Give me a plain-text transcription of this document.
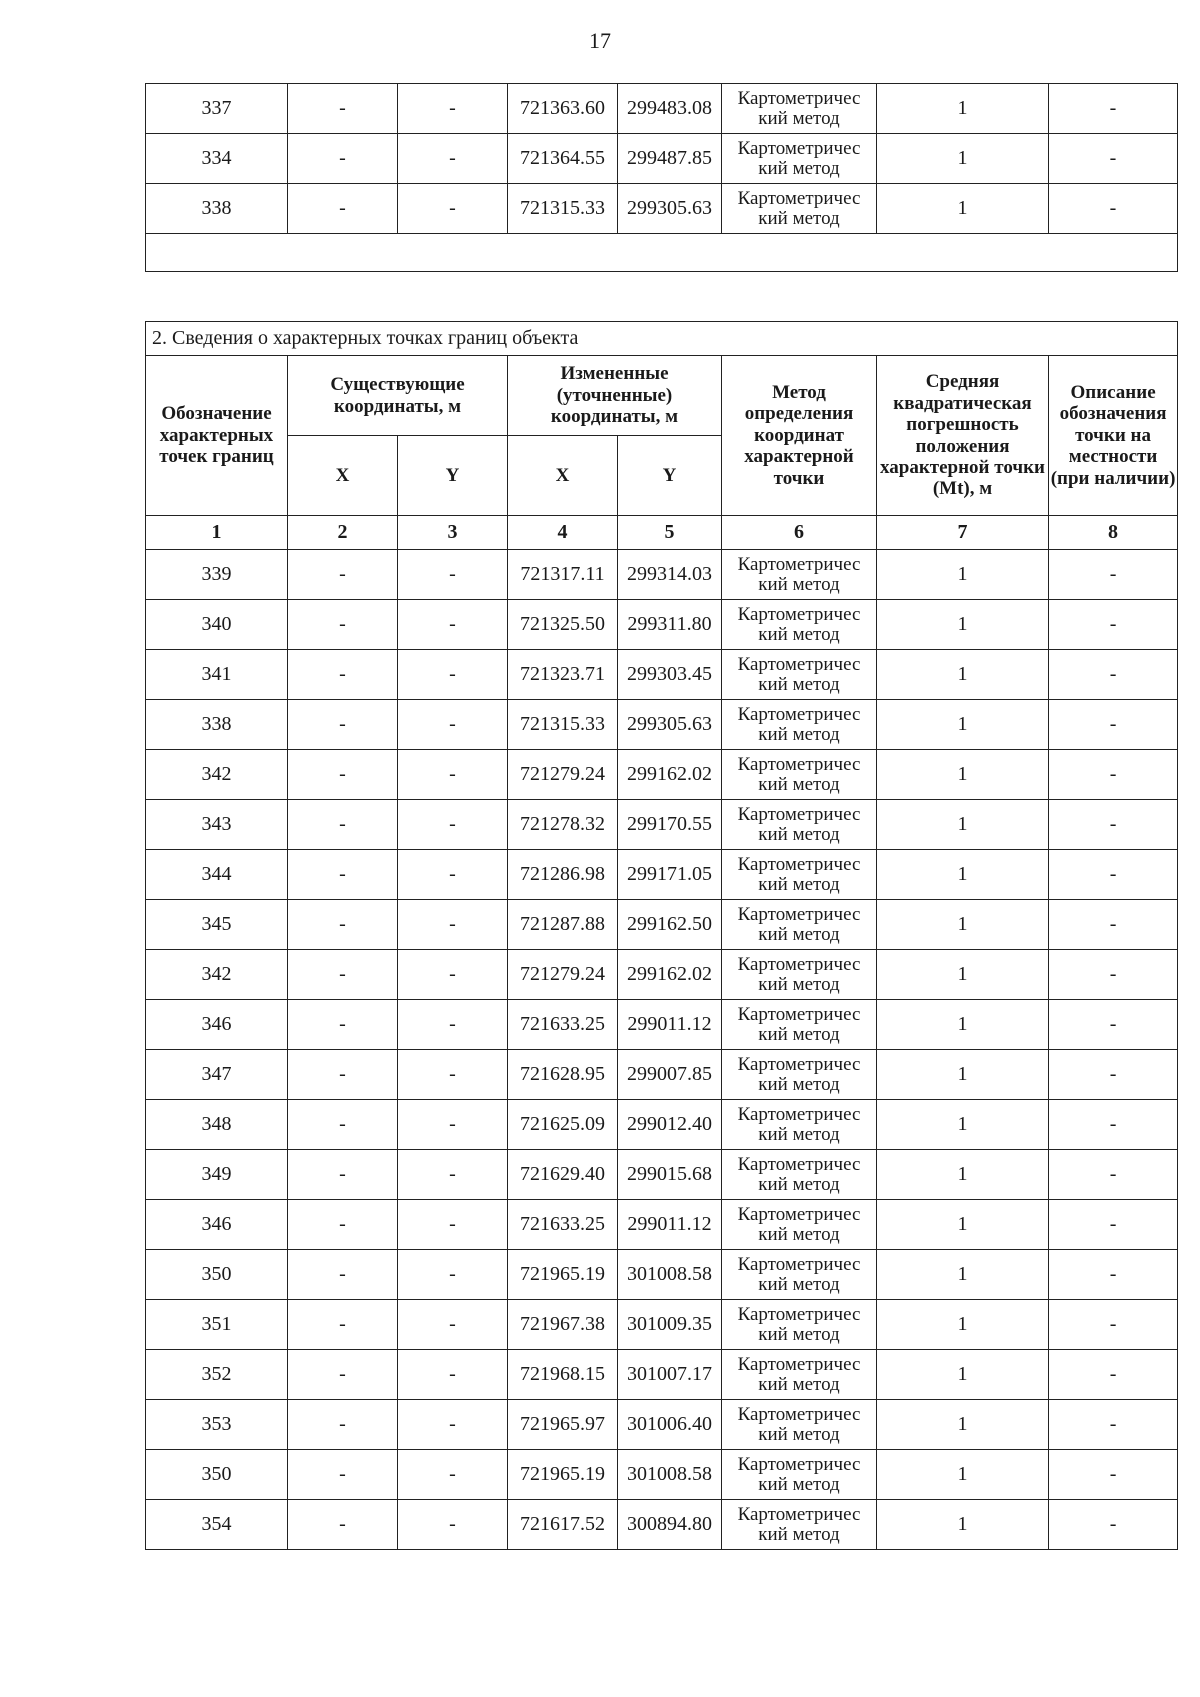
17
337	-	-	721363.60	299483.08	Картометричес
кий метод	1	-
334	-	-	721364.55	299487.85	Картометричес
кий метод	1	-
338	-	-	721315.33	299305.63	Картометричес
кий метод	1	-

2. Сведения о характерных точках границ объекта							
Обозначение характерных точек границ	Существующие координаты, м		Измененные (уточненные) координаты, м		Метод определения координат характерной точки	Средняя квадратическая погрешность положения характерной точки (Mt), м	Описание обозначения точки на местности (при наличии)
	X	Y	X	Y			
1	2	3	4	5	6	7	8
339	-	-	721317.11	299314.03	Картометричес
кий метод	1	-
340	-	-	721325.50	299311.80	Картометричес
кий метод	1	-
341	-	-	721323.71	299303.45	Картометричес
кий метод	1	-
338	-	-	721315.33	299305.63	Картометричес
кий метод	1	-
342	-	-	721279.24	299162.02	Картометричес
кий метод	1	-
343	-	-	721278.32	299170.55	Картометричес
кий метод	1	-
344	-	-	721286.98	299171.05	Картометричес
кий метод	1	-
345	-	-	721287.88	299162.50	Картометричес
кий метод	1	-
342	-	-	721279.24	299162.02	Картометричес
кий метод	1	-
346	-	-	721633.25	299011.12	Картометричес
кий метод	1	-
347	-	-	721628.95	299007.85	Картометричес
кий метод	1	-
348	-	-	721625.09	299012.40	Картометричес
кий метод	1	-
349	-	-	721629.40	299015.68	Картометричес
кий метод	1	-
346	-	-	721633.25	299011.12	Картометричес
кий метод	1	-
350	-	-	721965.19	301008.58	Картометричес
кий метод	1	-
351	-	-	721967.38	301009.35	Картометричес
кий метод	1	-
352	-	-	721968.15	301007.17	Картометричес
кий метод	1	-
353	-	-	721965.97	301006.40	Картометричес
кий метод	1	-
350	-	-	721965.19	301008.58	Картометричес
кий метод	1	-
354	-	-	721617.52	300894.80	Картометричес
кий метод	1	-
